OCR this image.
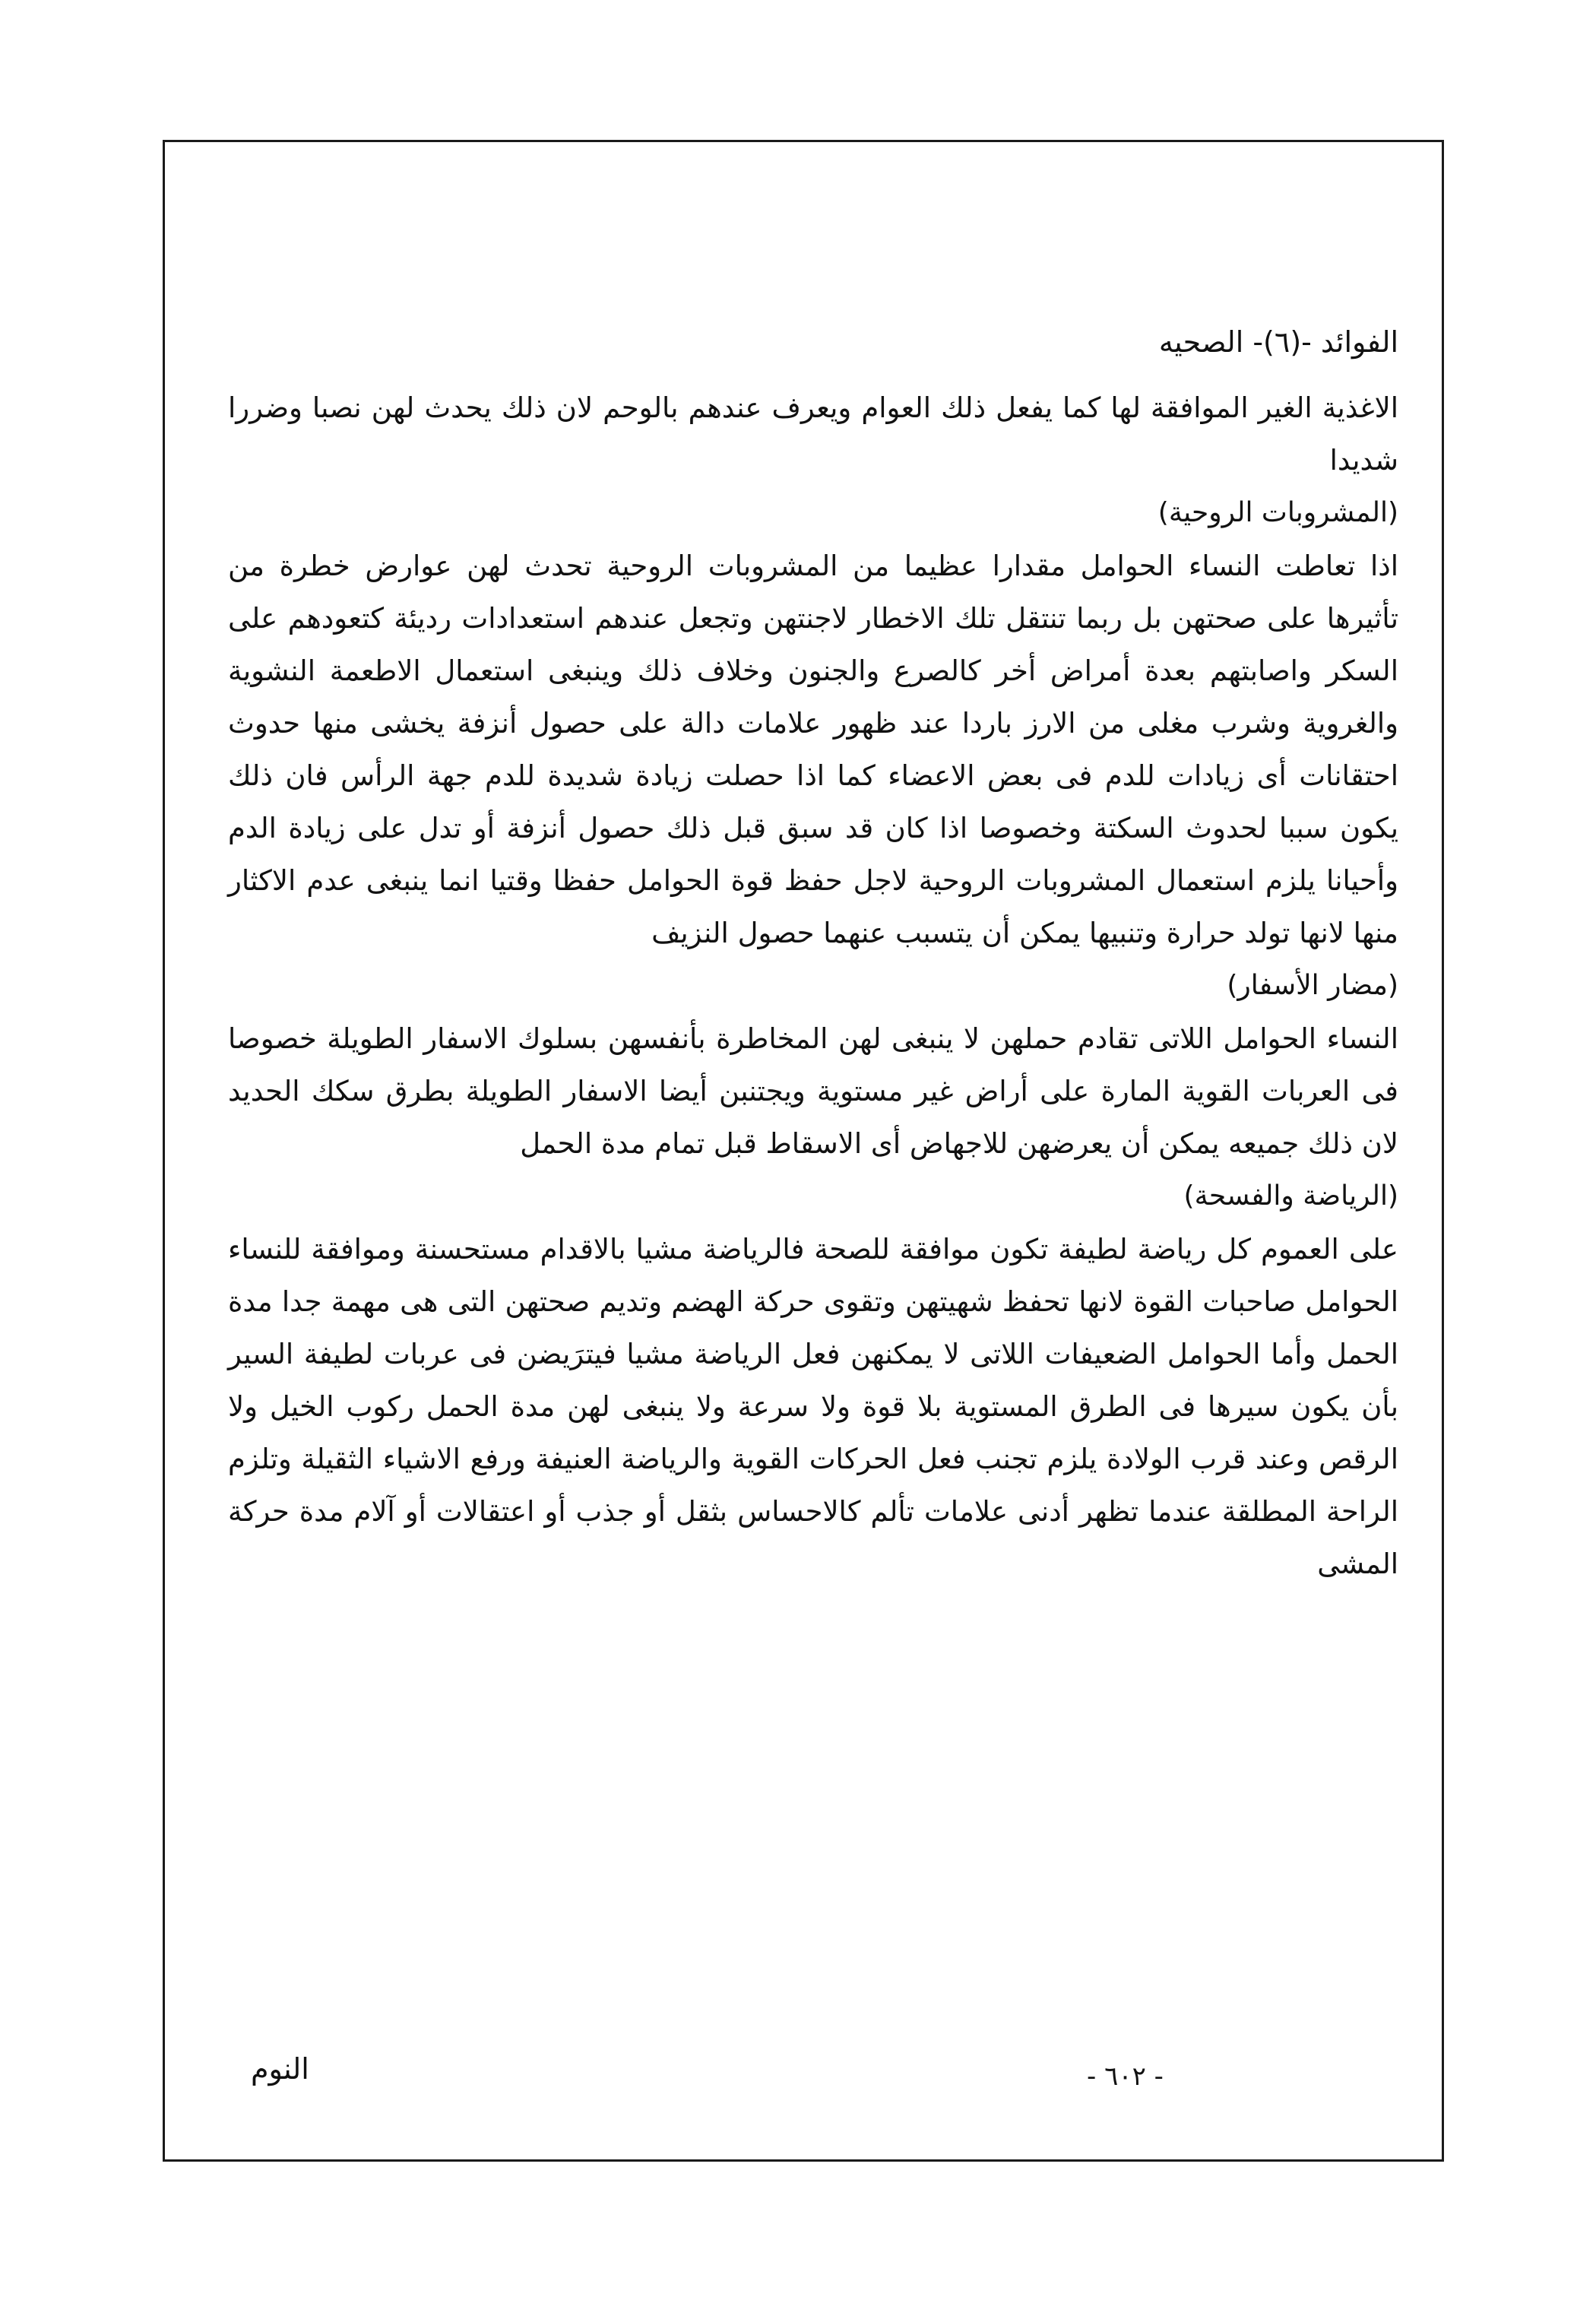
الفوائد -(٦)- الصحيه

الاغذية الغير الموافقة لها كما يفعل ذلك العوام ويعرف عندهم بالوحم لان ذلك يحدث لهن نصبا وضررا شديدا

(المشروبات الروحية)

اذا تعاطت النساء الحوامل مقدارا عظيما من المشروبات الروحية تحدث لهن عوارض خطرة من تأثيرها على صحتهن بل ربما تنتقل تلك الاخطار لاجنتهن وتجعل عندهم استعدادات رديئة كتعودهم على السكر واصابتهم بعدة أمراض أخر كالصرع والجنون وخلاف ذلك وينبغى استعمال الاطعمة النشوية والغروية وشرب مغلى من الارز باردا عند ظهور علامات دالة على حصول أنزفة يخشى منها حدوث احتقانات أى زيادات للدم فى بعض الاعضاء كما اذا حصلت زيادة شديدة للدم جهة الرأس فان ذلك يكون سببا لحدوث السكتة وخصوصا اذا كان قد سبق قبل ذلك حصول أنزفة أو تدل على زيادة الدم وأحيانا يلزم استعمال المشروبات الروحية لاجل حفظ قوة الحوامل حفظا وقتيا انما ينبغى عدم الاكثار منها لانها تولد حرارة وتنبيها يمكن أن يتسبب عنهما حصول النزيف

(مضار الأسفار)

النساء الحوامل اللاتى تقادم حملهن لا ينبغى لهن المخاطرة بأنفسهن بسلوك الاسفار الطويلة خصوصا فى العربات القوية المارة على أراض غير مستوية ويجتنبن أيضا الاسفار الطويلة بطرق سكك الحديد لان ذلك جميعه يمكن أن يعرضهن للاجهاض أى الاسقاط قبل تمام مدة الحمل

(الرياضة والفسحة)

على العموم كل رياضة لطيفة تكون موافقة للصحة فالرياضة مشيا بالاقدام مستحسنة وموافقة للنساء الحوامل صاحبات القوة لانها تحفظ شهيتهن وتقوى حركة الهضم وتديم صحتهن التى هى مهمة جدا مدة الحمل وأما الحوامل الضعيفات اللاتى لا يمكنهن فعل الرياضة مشيا فيترَيضن فى عربات لطيفة السير بأن يكون سيرها فى الطرق المستوية بلا قوة ولا سرعة ولا ينبغى لهن مدة الحمل ركوب الخيل ولا الرقص وعند قرب الولادة يلزم تجنب فعل الحركات القوية والرياضة العنيفة ورفع الاشياء الثقيلة وتلزم الراحة المطلقة عندما تظهر أدنى علامات تألم كالاحساس بثقل أو جذب أو اعتقالات أو آلام مدة حركة المشى

النوم	- ٦٠٢ -
